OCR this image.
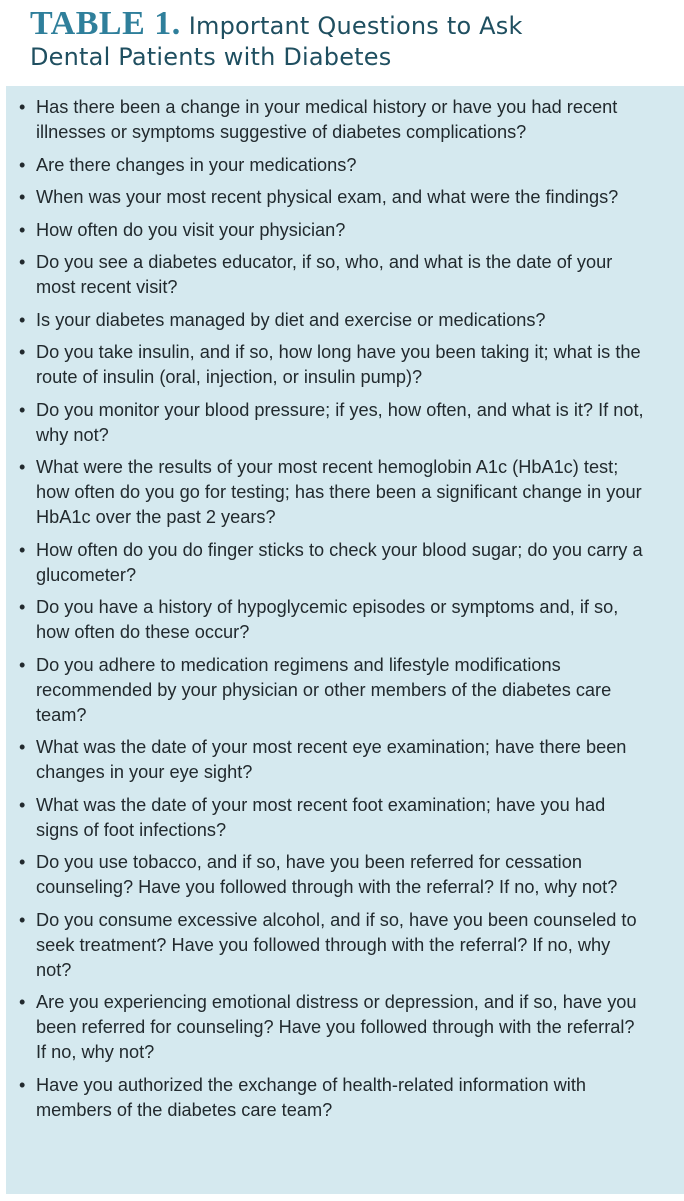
TABLE 1. Important Questions to Ask
Dental Patients with Diabetes
• Has there been a change in your medical history or have you had recent illnesses or symptoms suggestive of diabetes complications?
• Are there changes in your medications?
• When was your most recent physical exam, and what were the findings?
• How often do you visit your physician?
• Do you see a diabetes educator, if so, who, and what is the date of your most recent visit?
• Is your diabetes managed by diet and exercise or medications?
• Do you take insulin, and if so, how long have you been taking it; what is the route of insulin (oral, injection, or insulin pump)?
• Do you monitor your blood pressure; if yes, how often, and what is it? If not, why not?
• What were the results of your most recent hemoglobin A1c (HbA1c) test; how often do you go for testing; has there been a significant change in your HbA1c over the past 2 years?
• How often do you do finger sticks to check your blood sugar; do you carry a glucometer?
• Do you have a history of hypoglycemic episodes or symptoms and, if so, how often do these occur?
• Do you adhere to medication regimens and lifestyle modifications recommended by your physician or other members of the diabetes care team?
• What was the date of your most recent eye examination; have there been changes in your eye sight?
• What was the date of your most recent foot examination; have you had signs of foot infections?
• Do you use tobacco, and if so, have you been referred for cessation counseling? Have you followed through with the referral? If no, why not?
• Do you consume excessive alcohol, and if so, have you been counseled to seek treatment? Have you followed through with the referral? If no, why not?
• Are you experiencing emotional distress or depression, and if so, have you been referred for counseling? Have you followed through with the referral? If no, why not?
• Have you authorized the exchange of health-related information with members of the diabetes care team?
